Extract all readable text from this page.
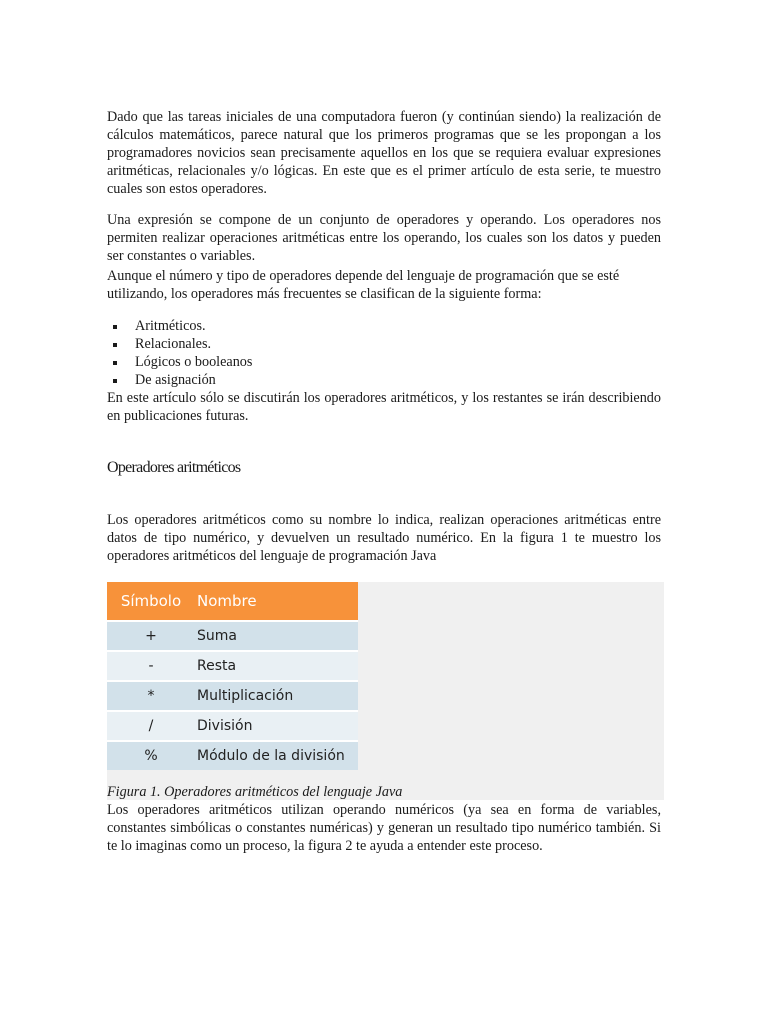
Dado que las tareas iniciales de una computadora fueron (y continúan siendo) la realización de cálculos matemáticos, parece natural que los primeros programas que se les propongan a los programadores novicios sean precisamente aquellos en los que se requiera evaluar expresiones aritméticas, relacionales y/o lógicas. En este que es el primer artículo de esta serie, te muestro cuales son estos operadores.

Una expresión se compone de un conjunto de operadores y operando. Los operadores nos permiten realizar operaciones aritméticas entre los operando, los cuales son los datos y pueden ser constantes o variables.

Aunque el número y tipo de operadores depende del lenguaje de programación que se esté utilizando, los operadores más frecuentes se clasifican de la siguiente forma:

Aritméticos.
Relacionales.
Lógicos o booleanos
De asignación

En este artículo sólo se discutirán los operadores aritméticos, y los restantes se irán describiendo en publicaciones futuras.

Operadores aritméticos

Los operadores aritméticos como su nombre lo indica, realizan operaciones aritméticas entre datos de tipo numérico, y devuelven un resultado numérico. En la figura 1 te muestro los operadores aritméticos del lenguaje de programación Java

Símbolo	Nombre
+	Suma
-	Resta
*	Multiplicación
/	División
%	Módulo de la división

Figura 1. Operadores aritméticos del lenguaje Java

Los operadores aritméticos utilizan operando numéricos (ya sea en forma de variables, constantes simbólicas o constantes numéricas) y generan un resultado tipo numérico también. Si te lo imaginas como un proceso, la figura 2 te ayuda a entender este proceso.
